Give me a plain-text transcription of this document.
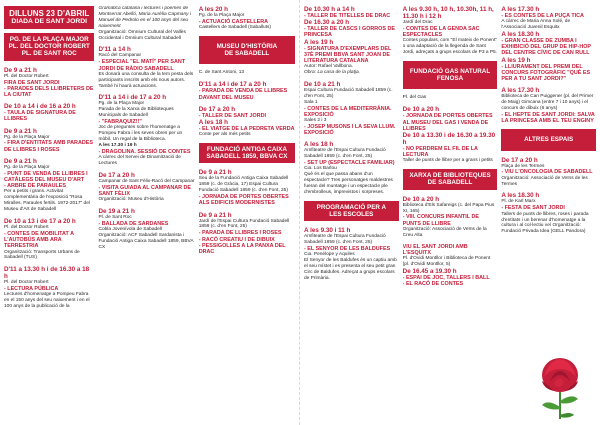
DILLUNS 23 D'ABRIL
DIADA DE SANT JORDI
PG. DE LA PLAÇA MAJOR
PL. DEL DOCTOR ROBERT
PL. DE SANT ROC
De 9 a 21 h
Pl. del Doctor Robert
FIRA DE SANT JORDI
- PARADES DELS LLIBRETERS DE LA CIUTAT
De 10 a 14 i de 16 a 20 h
- TAULA DE SIGNATURA DE LLIBRES
De 9 a 21 h
Pg. de la Plaça Major
- FIRA D'ENTITATS AMB PARADES DE LLIBRES I ROSES
De 9 a 21 h
Pg. de la Plaça Major
- PUNT DE VENDA DE LLIBRES I CATÀLEGS DEL MUSEU D'ART
- ARBRE DE PARAULES
Per a petits i grans. Activitat complementària de l'exposició "Rosa Miralles. Paraules fertils. 1972-2017" del Museu d'Art de Sabadell
De 10 a 13 i de 17 a 20 h
Pl. del Doctor Robert
- CONTES DE MOBILITAT A L'AUTOBÚS AMB ARA TERRESTRIA
Organització: Transports Urbans de Sabadell (TUS)
D'11 a 13.30 h i de 16.30 a 18 h
Pl. del Doctor Robert
- LECTURA PÚBLICA
Lectures d'homenatge a Pompeu Fabra en el 150 anys del seu naixement i en el 100 anys de la publicació de la
Gramàtica catalana i lectures i poemes de Montserrat Abelló, Maria Aurèlia Capmany i Manuel de Pedrolo en el 100 anys del seu naixement
Organització: Òmnium Cultural del Vallès Occidental i Òmnium Cultural Sabadell
D'11 a 14 h
Racó del Campanar
- ESPECIAL "EL MATÍ" PER SANT JORDI DE RÀDIO SABADELL
Es donarà una consulta de la tem pesta dels participants inscrits amb els nous autors. També hi haurà actuacions.
D'11 a 14 i de 17 a 20 h
Pg. de la Plaça Major
Parada de la Xarxa de Biblioteques Municipals de Sabadell
- "FABRAQUIZ!!"
Joc de preguntes sobre l'homenatge a Pompeu Fabra i les seves obres per un mòbil. Un regal de la Biblioteca.
A les 17.30 i 19 h
- DRAGOLINA. SESSIÓ DE CONTES
A càrrec del Servei de Dinamització de Lectures
De 17 a 20 h
Campanar de Sant Fèlix-Racó del Campanar
- VISITA GUIADA AL CAMPANAR DE SANT FÈLIX
Organització: Museu d'Història
De 19 a 21 h
Pl. de Sant Roc
- BALLADA DE SARDANES
Cobla Jovenívola de Sabadell
Organització: ACF Sabadell Sardanista i Fundació Antiga Caixa Sabadell 1859, BBVA CX
A les 20 h
Pg. de la Plaça Major
- ACTUACIÓ CASTELLERA
Castellers de Sabadell (Saballuts)
MUSEU D'HISTÒRIA
DE SABADELL
C. de Sant Antoni, 13
D'11 a 14 i de 17 a 20 h
- PARADA DE VENDA DE LLIBRES DAVANT DEL MUSEU
De 17 a 20 h
- TALLER DE SANT JORDI
A les 18 h
- EL VIATGE DE LA PEDRETA VERDA
Conte per als més petits
FUNDACIÓ ANTIGA CAIXA
SABADELL 1859, BBVA CX
De 9 a 21 h
Seu de la Fundació Antiga Caixa Sabadell 1859 (c. de Gràcia, 17) Espai Cultura Fundació Sabadell 1859 (c. d'en Font, 25)
- JORNADA DE PORTES OBERTES ALS EDIFICIS MODERNISTES
De 9 a 21 h
Jardí de l'Espai Cultura Fundació Sabadell 1859 (c. d'en Font, 25)
- PARADA DE LLIBRES I ROSES
- RACÓ CREATIU I DE DIBUIX
- PESSIGOLLES A LA PANXA DEL DRAC
De 10.30 h a 14 h
- TALLER DE TITELLES DE DRAC
De 16.30 a 20 h
- TALLER DE CASCS I GORROS DE PRINCESA
A les 19 h
- SIGNATURA D'EXEMPLARS DEL 37È PREMI BBVA SANT JOAN DE LITERATURA CATALANA
Autor: Rafael Vallbona.
Obra: La casa de la platja.
De 10 a 21 h
Espai Cultura Fundació Sabadell 1859 (c. d'en Font, 25)
Sala 1
- CONTES DE LA MEDITERRÀNIA. EXPOSICIÓ
Sales 2 i 3
- JOSEP MUSONS I LA SEVA LLUM. EXPOSICIÓ
A les 18 h
Amfiteatre de l'Espai Cultura Fundació Sabadell 1859 (c. d'en Font, 25)
- SET UP (ESPECTACLE FAMILIAR)
Cia. Los Barlou
Què és el que passa abans d'un espectacle? Tres personatges maldestres fueran del muntatge i un espectacle ple d'embrolleus, imprevistos i sorpreses.
PROGRAMACIÓ PER A
LES ESCOLES
A les 9.30 i 11 h
Amfiteatre de l'Espai Cultura Fundació Sabadell 1859 (c. d'en Font, 25)
- EL SENYOR DE LES BALDUFES
Cia. Penélope y Aquiles
El Senyor de les Baldufes és un captiu amb el seu místet i es presenta el seu petit gran Circ de Baldufes. Adreçat a grups escolars de Primària.
A les 9.30 h, 10 h, 10.30h, 11 h, 11.30 h i 12 h
Jardí del Drac
- CONTES DE LA GENDA SAC ESPECTACLES
Contes populars, com "El mateix de Ponent" o una adaptació de la llegenda de Sant Jordi, adreçats a grups escolars de P3 a P5.
FUNDACIÓ GAS NATURAL
FENOSA
Pl. del Gas
De 10 a 20 h
- JORNADA DE PORTES OBERTES AL MUSEU DEL GAS I VENDA DE LLIBRES
De 10 a 13.30 i de 16.30 a 19.30 h
- NO PERDREM EL FIL DE LA LECTURA
Taller de punts de llibre per a grans i petits
XARXA DE BIBLIOTEQUES
DE SABADELL
De 10 a 20 h
Biblioteca d'Els Safareigs (c. del Papa Pius XI, 165)
- VIII. CONCURS INFANTIL DE PUNTS DE LLIBRE
Organització: Associació de Veïns de la Creu Alta
VIU EL SANT JORDI AMB L'ESQUITX
Pl. d'Ovidi Montllor i Biblioteca de Ponent (pl. d'Ovidi Montllor, 5)
De 16.45 a 19.30 h
- ESPAI DE JOC, TALLERS I BALL
- EL RACÓ DE CONTES
A les 17.30 h
- ES CONTES DE LA PUÇA TICA
A càrrec de Maria Anna Solé, de l'Associació Juvenil Esquitx
A les 18.30 h
- GRAN CLASSE DE ZUMBA I EXHIBICIÓ DEL GRUP DE HIP-HOP DEL CENTRE CÍVIC DE CAN RULL
A les 19 h
- LLIURAMENT DEL PREMI DEL CONCURS FOTOGRÀFIC "QUÈ ES PER A TU SANT JORDI?"
A les 17.30 h
Biblioteca de Can Puiggener (pl. del Primer de Maig) Gimcana (entre 7 i 10 anys) i el concurs de dibuix (6 anys)
- EL HEPTE DE SANT JORDI: SALVA LA PRINCESA AMB EL TEU ENGINY
ALTRES ESPAIS
De 17 a 20 h
Plaça de les Termes
- VIU L'ONCOLOGIA DE SABADELL
Organització: Associació de Veïns de les Termes
A les 18.30 h
Pl. de Karl Marx
- FESTA DE SANT JORDI
Tallers de punts de llibres, roses i parada d'entitats i un berenar d'homenatge a la cultura i al col·lectiu veí Organització: Fundació Privada Idea (GELL Pandora)
